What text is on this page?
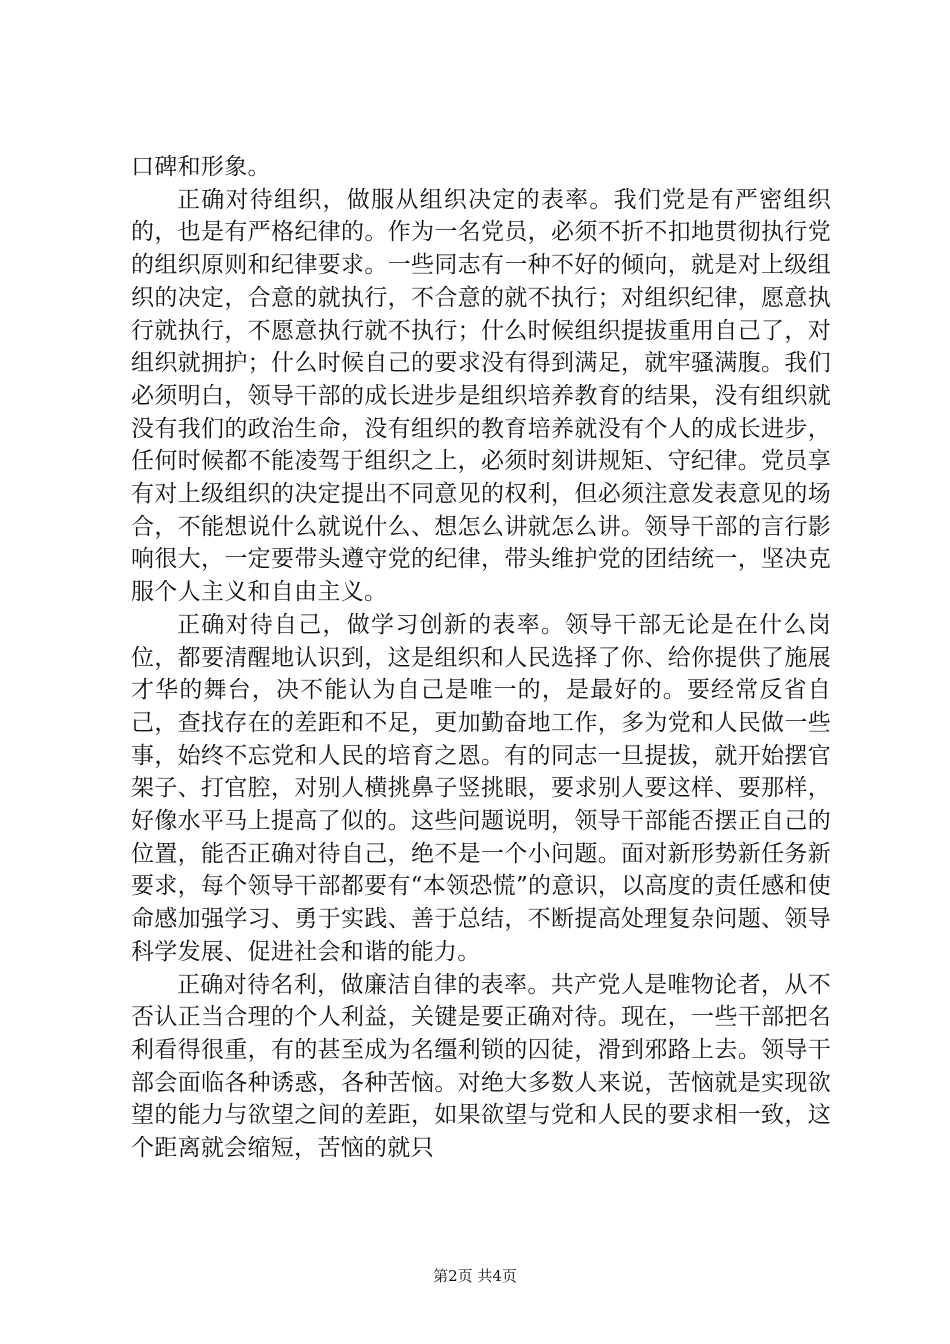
口碑和形象。

正确对待组织，做服从组织决定的表率。我们党是有严密组织的，也是有严格纪律的。作为一名党员，必须不折不扣地贯彻执行党的组织原则和纪律要求。一些同志有一种不好的倾向，就是对上级组织的决定，合意的就执行，不合意的就不执行；对组织纪律，愿意执行就执行，不愿意执行就不执行；什么时候组织提拔重用自己了，对组织就拥护；什么时候自己的要求没有得到满足，就牢骚满腹。我们必须明白，领导干部的成长进步是组织培养教育的结果，没有组织就没有我们的政治生命，没有组织的教育培养就没有个人的成长进步，任何时候都不能凌驾于组织之上，必须时刻讲规矩、守纪律。党员享有对上级组织的决定提出不同意见的权利，但必须注意发表意见的场合，不能想说什么就说什么、想怎么讲就怎么讲。领导干部的言行影响很大，一定要带头遵守党的纪律，带头维护党的团结统一，坚决克服个人主义和自由主义。

正确对待自己，做学习创新的表率。领导干部无论是在什么岗位，都要清醒地认识到，这是组织和人民选择了你、给你提供了施展才华的舞台，决不能认为自己是唯一的，是最好的。要经常反省自己，查找存在的差距和不足，更加勤奋地工作，多为党和人民做一些事，始终不忘党和人民的培育之恩。有的同志一旦提拔，就开始摆官架子、打官腔，对别人横挑鼻子竖挑眼，要求别人要这样、要那样，好像水平马上提高了似的。这些问题说明，领导干部能否摆正自己的位置，能否正确对待自己，绝不是一个小问题。面对新形势新任务新要求，每个领导干部都要有“本领恐慌”的意识，以高度的责任感和使命感加强学习、勇于实践、善于总结，不断提高处理复杂问题、领导科学发展、促进社会和谐的能力。

正确对待名利，做廉洁自律的表率。共产党人是唯物论者，从不否认正当合理的个人利益，关键是要正确对待。现在，一些干部把名利看得很重，有的甚至成为名缰利锁的囚徒，滑到邪路上去。领导干部会面临各种诱惑，各种苦恼。对绝大多数人来说，苦恼就是实现欲望的能力与欲望之间的差距，如果欲望与党和人民的要求相一致，这个距离就会缩短，苦恼的就只

第2页 共4页
